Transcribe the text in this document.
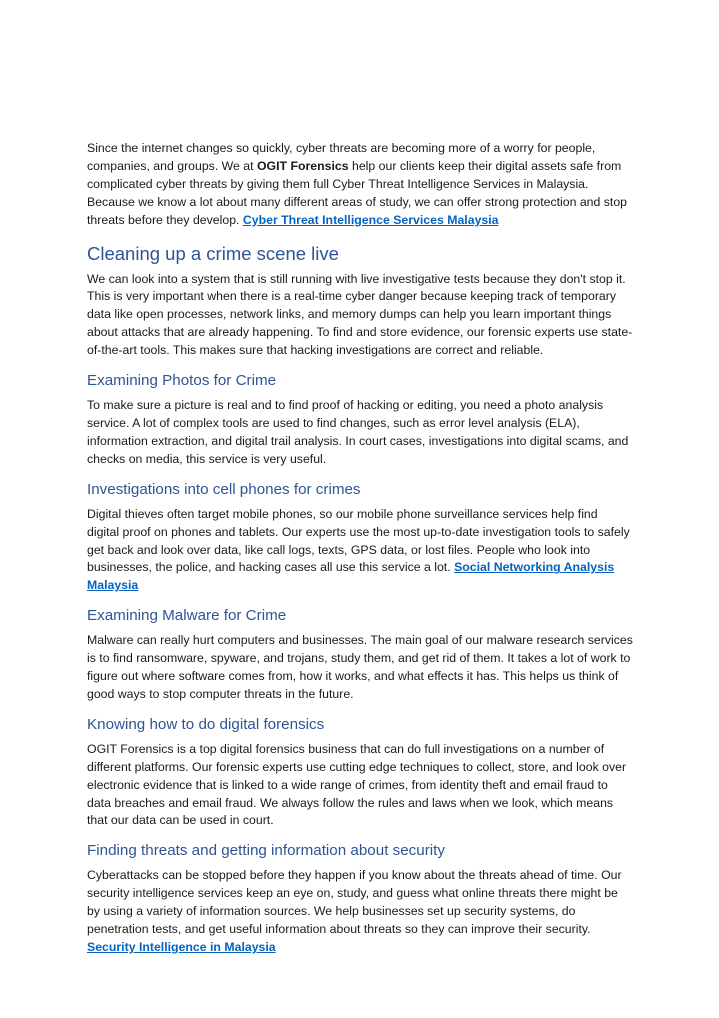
Since the internet changes so quickly, cyber threats are becoming more of a worry for people, companies, and groups. We at OGIT Forensics help our clients keep their digital assets safe from complicated cyber threats by giving them full Cyber Threat Intelligence Services in Malaysia. Because we know a lot about many different areas of study, we can offer strong protection and stop threats before they develop. Cyber Threat Intelligence Services Malaysia

Cleaning up a crime scene live

We can look into a system that is still running with live investigative tests because they don't stop it. This is very important when there is a real-time cyber danger because keeping track of temporary data like open processes, network links, and memory dumps can help you learn important things about attacks that are already happening. To find and store evidence, our forensic experts use state-of-the-art tools. This makes sure that hacking investigations are correct and reliable.

Examining Photos for Crime

To make sure a picture is real and to find proof of hacking or editing, you need a photo analysis service. A lot of complex tools are used to find changes, such as error level analysis (ELA), information extraction, and digital trail analysis. In court cases, investigations into digital scams, and checks on media, this service is very useful.

Investigations into cell phones for crimes

Digital thieves often target mobile phones, so our mobile phone surveillance services help find digital proof on phones and tablets. Our experts use the most up-to-date investigation tools to safely get back and look over data, like call logs, texts, GPS data, or lost files. People who look into businesses, the police, and hacking cases all use this service a lot. Social Networking Analysis Malaysia

Examining Malware for Crime

Malware can really hurt computers and businesses. The main goal of our malware research services is to find ransomware, spyware, and trojans, study them, and get rid of them. It takes a lot of work to figure out where software comes from, how it works, and what effects it has. This helps us think of good ways to stop computer threats in the future.

Knowing how to do digital forensics

OGIT Forensics is a top digital forensics business that can do full investigations on a number of different platforms. Our forensic experts use cutting edge techniques to collect, store, and look over electronic evidence that is linked to a wide range of crimes, from identity theft and email fraud to data breaches and email fraud. We always follow the rules and laws when we look, which means that our data can be used in court.

Finding threats and getting information about security

Cyberattacks can be stopped before they happen if you know about the threats ahead of time. Our security intelligence services keep an eye on, study, and guess what online threats there might be by using a variety of information sources. We help businesses set up security systems, do penetration tests, and get useful information about threats so they can improve their security. Security Intelligence in Malaysia
